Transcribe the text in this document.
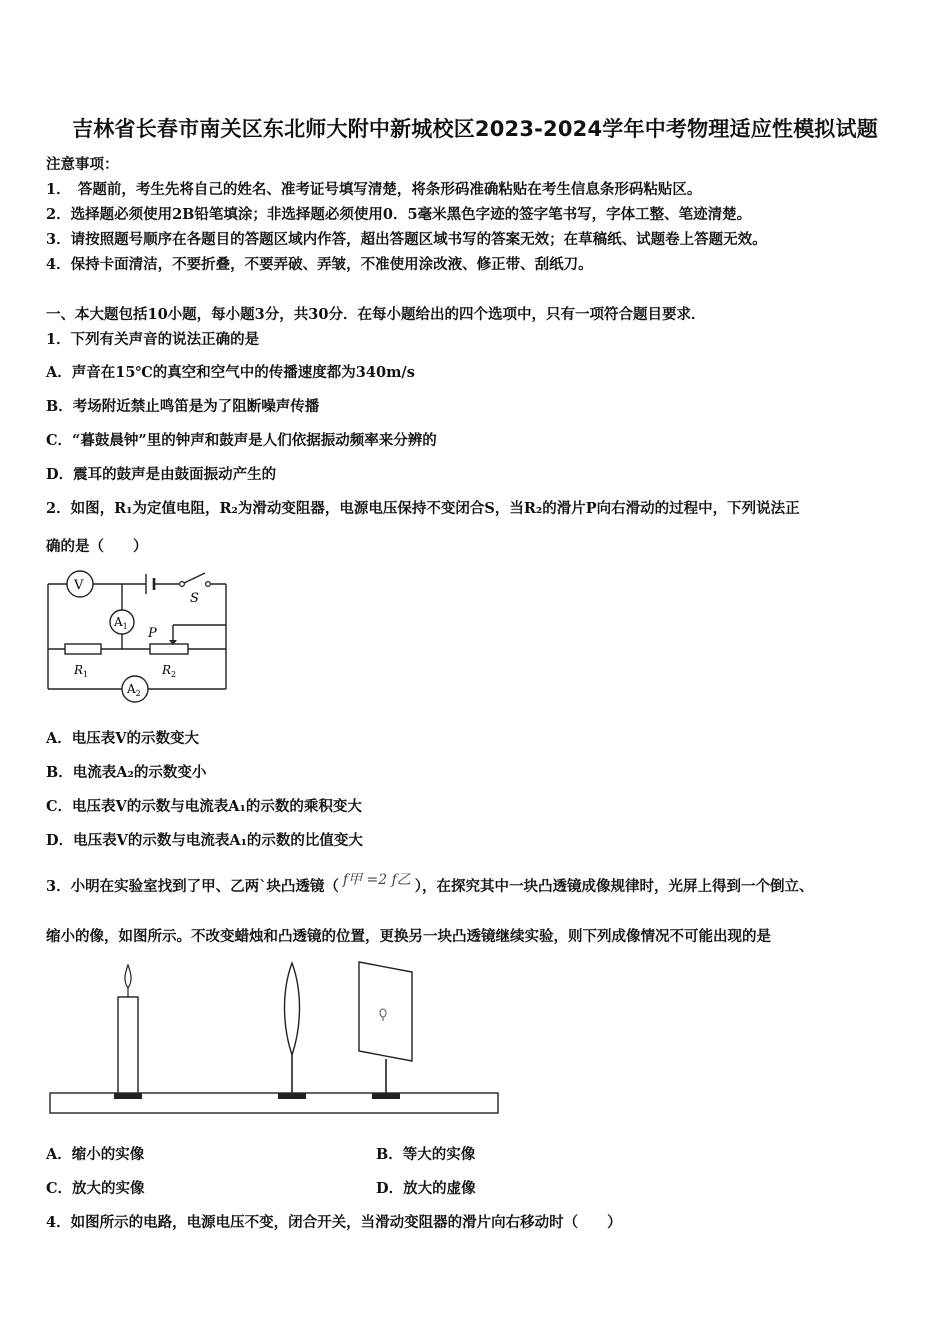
吉林省长春市南关区东北师大附中新城校区2023-2024学年中考物理适应性模拟试题
注意事项：
1．　答题前，考生先将自己的姓名、准考证号填写清楚，将条形码准确粘贴在考生信息条形码粘贴区。
2．选择题必须使用2B铅笔填涂；非选择题必须使用0．5毫米黑色字迹的签字笔书写，字体工整、笔迹清楚。
3．请按照题号顺序在各题目的答题区域内作答，超出答题区域书写的答案无效；在草稿纸、试题卷上答题无效。
4．保持卡面清洁，不要折叠，不要弄破、弄皱，不准使用涂改液、修正带、刮纸刀。
一、本大题包括10小题，每小题3分，共30分．在每小题给出的四个选项中，只有一项符合题目要求．
1．下列有关声音的说法正确的是
A．声音在15℃的真空和空气中的传播速度都为340m/s
B．考场附近禁止鸣笛是为了阻断噪声传播
C．“暮鼓晨钟”里的钟声和鼓声是人们依据振动频率来分辨的
D．震耳的鼓声是由鼓面振动产生的
2．如图，R₁为定值电阻，R₂为滑动变阻器，电源电压保持不变闭合S，当R₂的滑片P向右滑动的过程中，下列说法正
确的是（　　）
S
V
$A_1$
$A_2$
$R_1$
P
$R_2$
A．电压表V的示数变大
B．电流表A₂的示数变小
C．电压表V的示数与电流表A₁的示数的乘积变大
D．电压表V的示数与电流表A₁的示数的比值变大
3．小明在实验室找到了甲、乙两`块凸透镜（ f甲 =2 f乙 ），在探究其中一块凸透镜成像规律时，光屏上得到一个倒立、
缩小的像，如图所示。不改变蜡烛和凸透镜的位置，更换另一块凸透镜继续实验，则下列成像情况不可能出现的是
A．缩小的实像	B．等大的实像
C．放大的实像	D．放大的虚像
4．如图所示的电路，电源电压不变，闭合开关，当滑动变阻器的滑片向右移动时（　　）
